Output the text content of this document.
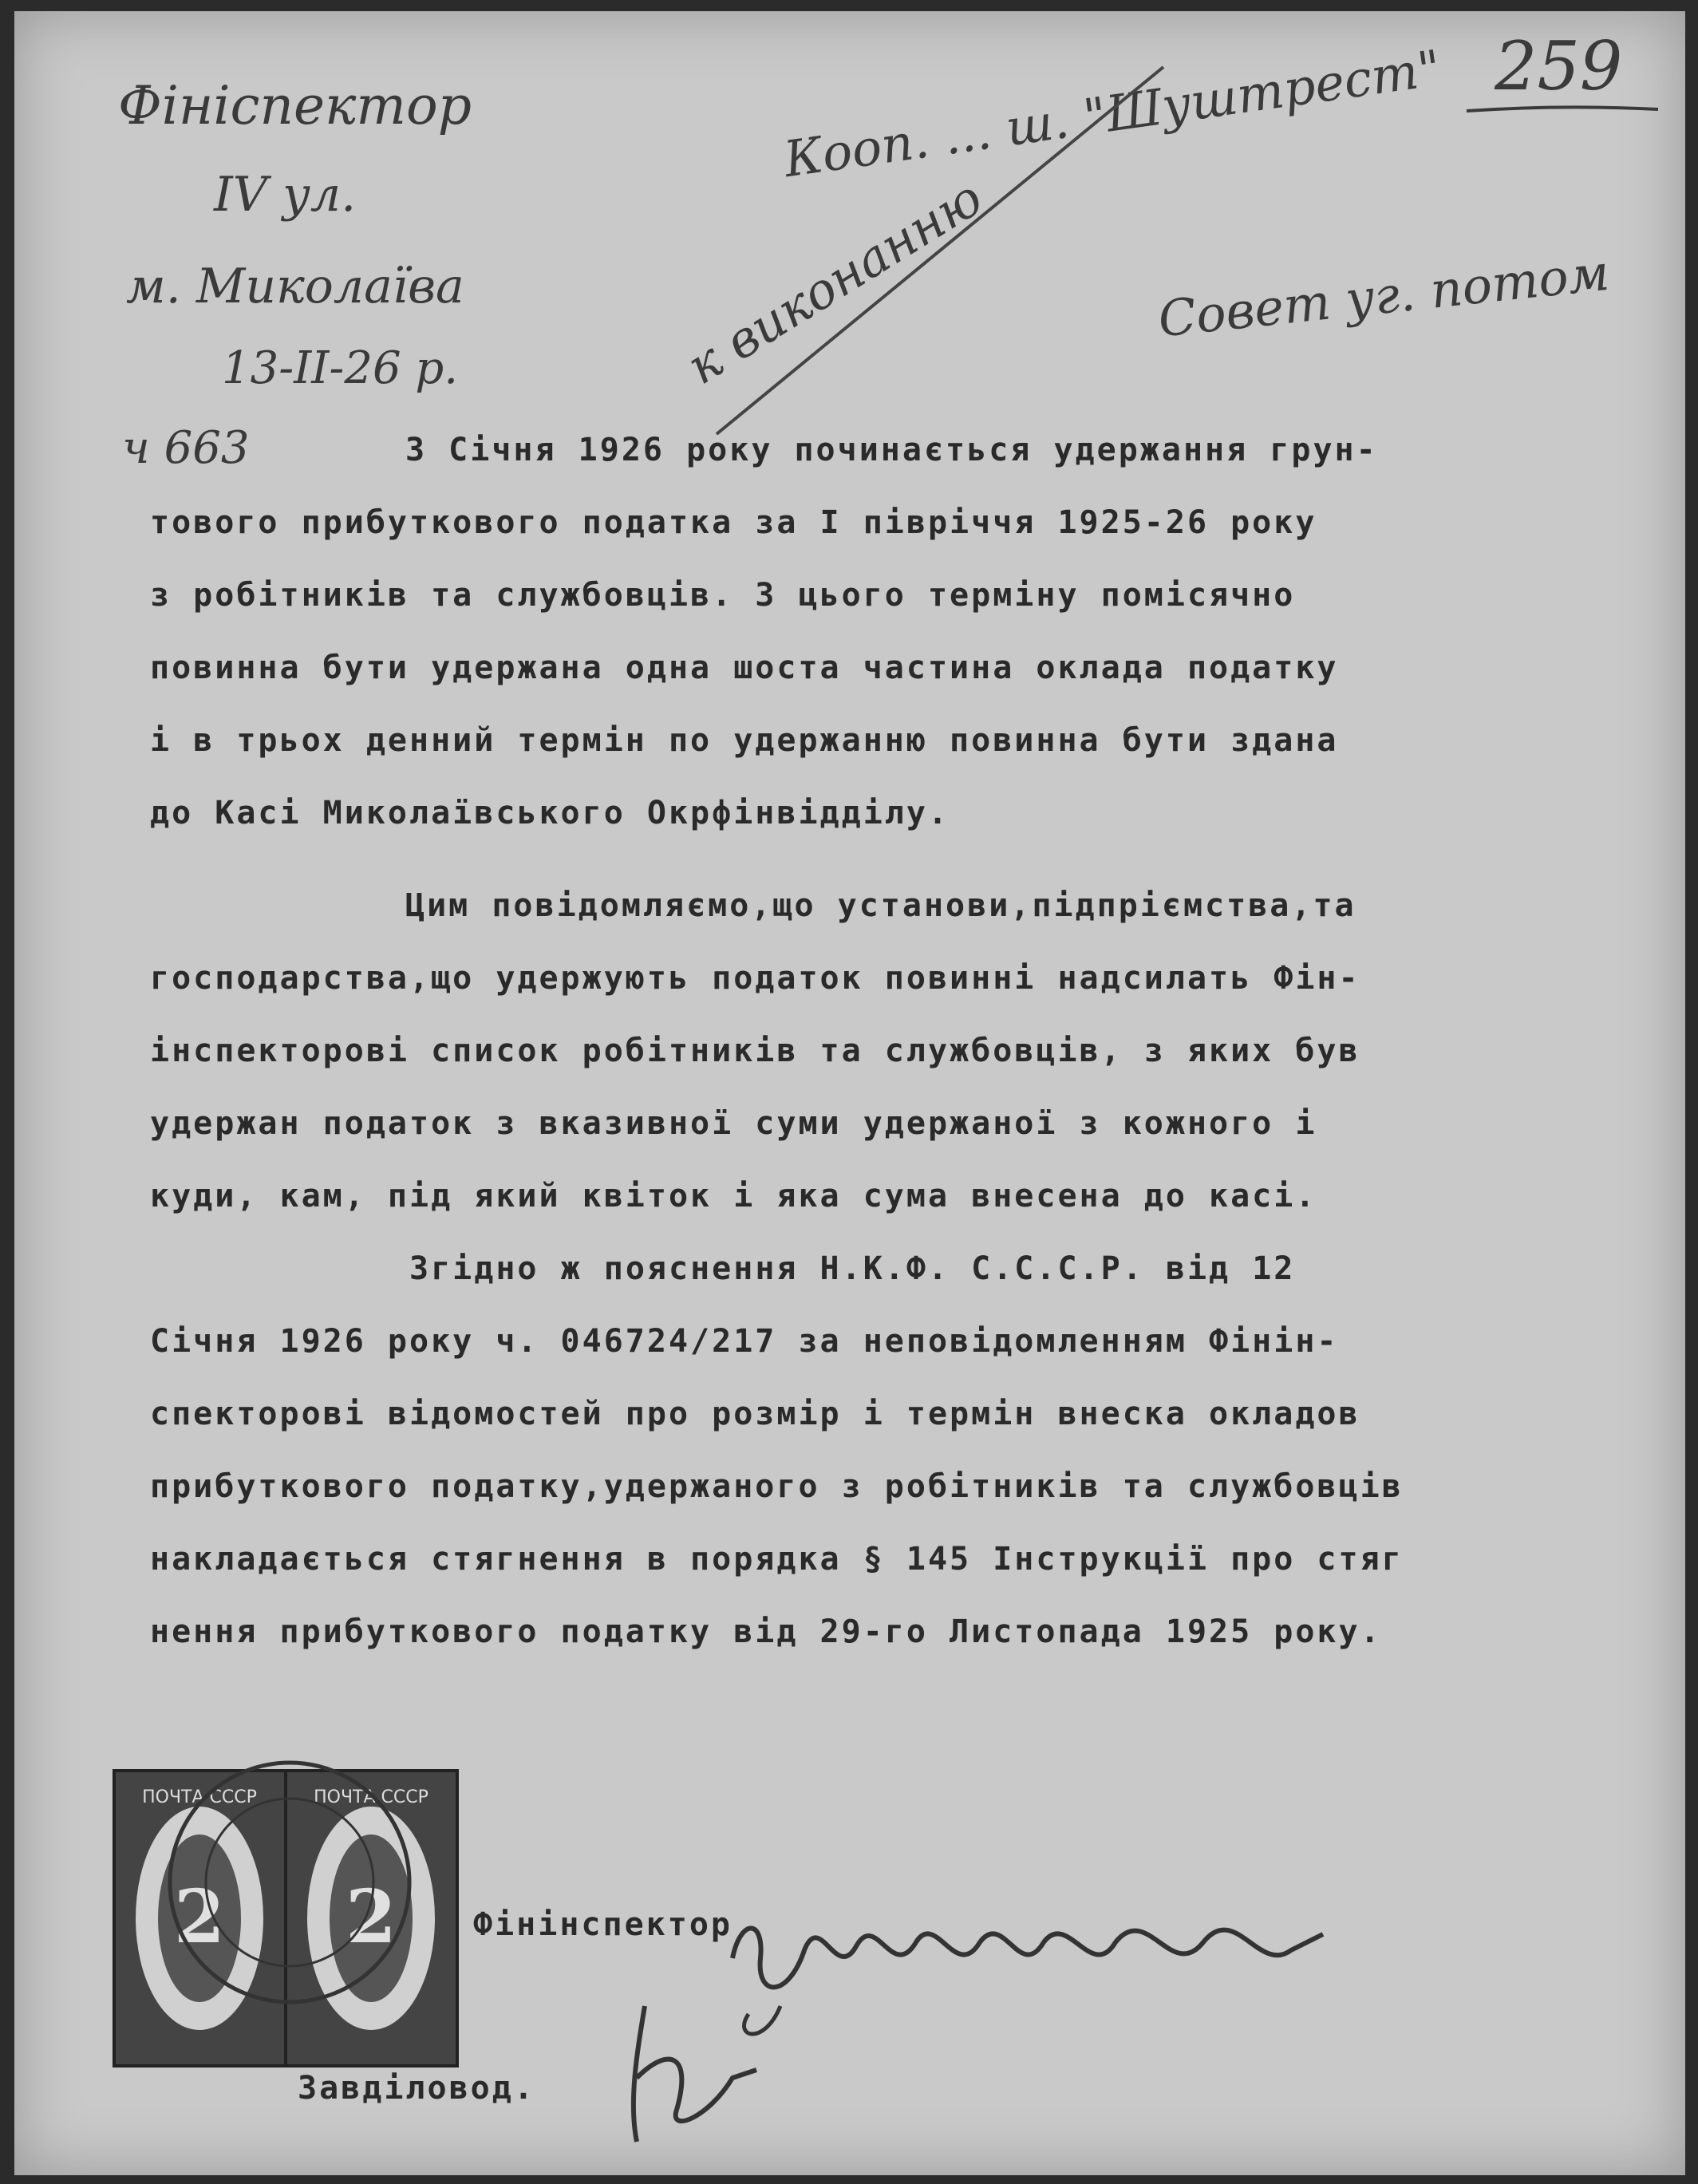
Фініспектор
IV ул.
м. Миколаїва
13-II-26 р.
ч 663
259
Кооп. ... ш. "Шуштрест"
Совет уг. потом
к виконанню
3 Січня 1926 року починається удержання грун-
тового прибуткового податка за I півріччя 1925-26 року
з робітників та службовців. З цього терміну помісячно
повинна бути удержана одна шоста частина оклада податку
і в трьох денний термін по удержанню повинна бути здана
до Касі Миколаївського Окрфінвідділу.
Цим повідомляємо,що установи,підпріємства,та
господарства,що удержують податок повинні надсилать Фін-
інспекторові список робітників та службовців, з яких був
удержан податок з вказивної суми удержаної з кожного і
куди, кам, під який квіток і яка сума внесена до касі.
Згідно ж пояснення Н.К.Ф. С.С.С.Р. від 12
Січня 1926 року ч. 046724/217 за неповідомленням Фінін-
спекторові відомостей про розмір і термін внеска окладов
прибуткового податку,удержаного з робітників та службовців
накладається стягнення в порядка § 145 Інструкції про стяг
нення прибуткового податку від 29-го Листопада 1925 року.
2
ПОЧТА СССР
2
ПОЧТА СССР
Фінінспектор
Завділовод.
